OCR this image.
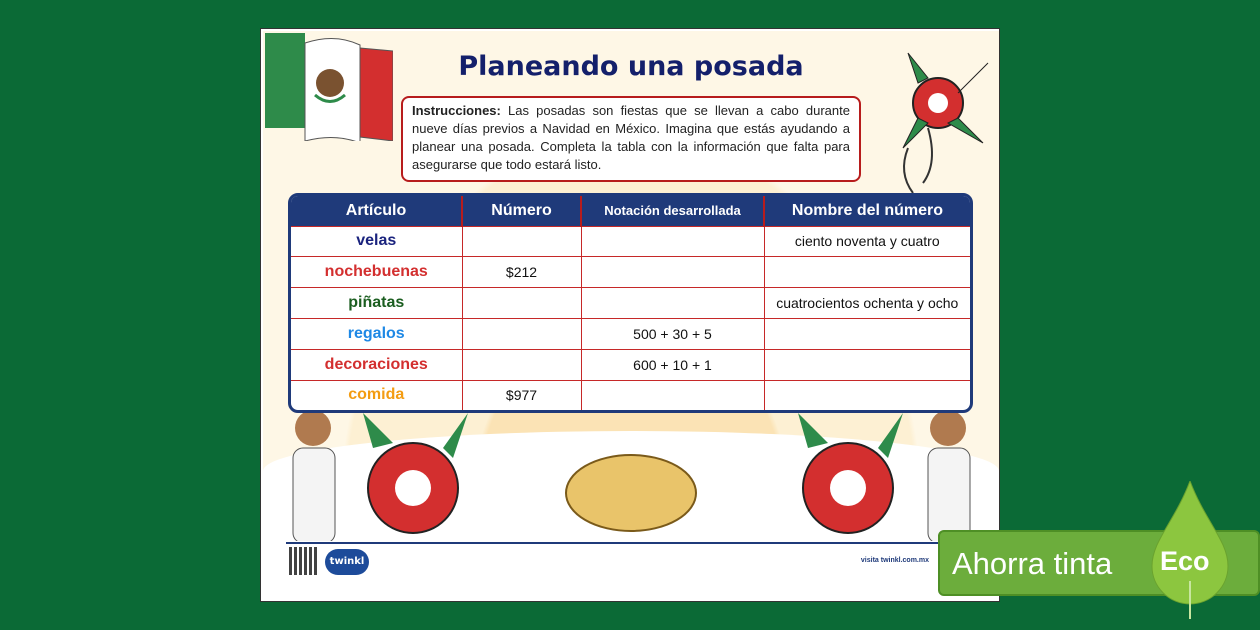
Planeando una posada
Instrucciones: Las posadas son fiestas que se llevan a cabo durante nueve días previos a Navidad en México. Imagina que estás ayudando a planear una posada. Completa la tabla con la información que falta para asegurarse que todo estará listo.
Artículo	Número	Notación desarrollada	Nombre del número
velas			ciento noventa y cuatro
nochebuenas	$212		
piñatas			cuatrocientos ochenta y ocho
regalos		500 + 30 + 5	
decoraciones		600 + 10 + 1	
comida	$977		
twinkl	visita twinkl.com.mx Ahorra tinta Eco
